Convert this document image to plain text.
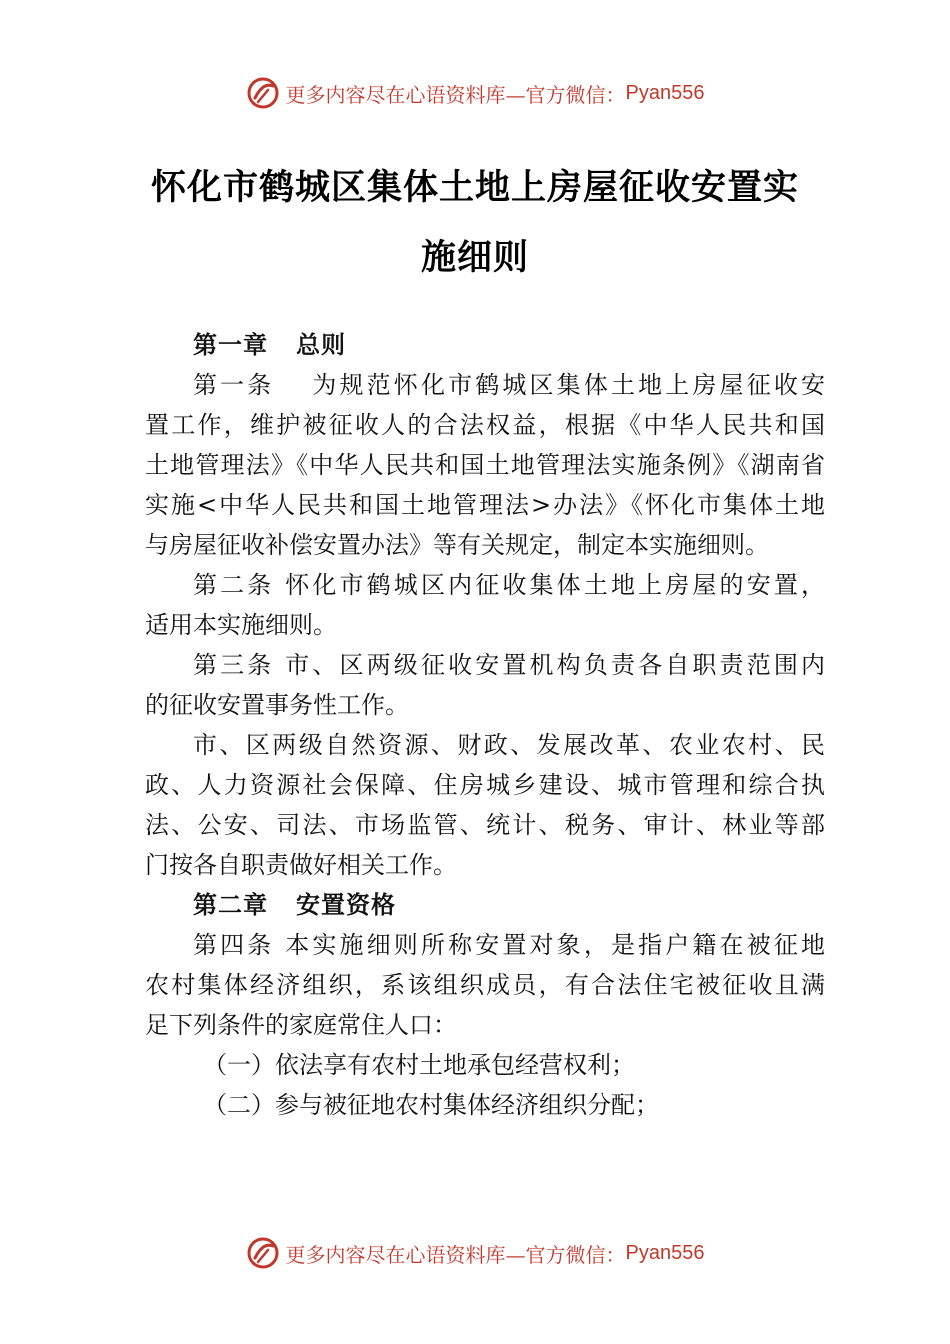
更多内容尽在心语资料库—官方微信： Pyan556
怀化市鹤城区集体土地上房屋征收安置实
施细则
第一章 总则
第一条　 为规范怀化市鹤城区集体土地上房屋征收安
置工作，维护被征收人的合法权益，根据《中华人民共和国
土地管理法》《中华人民共和国土地管理法实施条例》《湖南省
实施<中华人民共和国土地管理法>办法》《怀化市集体土地
与房屋征收补偿安置办法》等有关规定，制定本实施细则。
第二条 怀化市鹤城区内征收集体土地上房屋的安置，
适用本实施细则。
第三条 市、区两级征收安置机构负责各自职责范围内
的征收安置事务性工作。
市、区两级自然资源、财政、发展改革、农业农村、民
政、人力资源社会保障、住房城乡建设、城市管理和综合执
法、公安、司法、市场监管、统计、税务、审计、林业等部
门按各自职责做好相关工作。
第二章 安置资格
第四条 本实施细则所称安置对象，是指户籍在被征地
农村集体经济组织，系该组织成员，有合法住宅被征收且满
足下列条件的家庭常住人口：
（一）依法享有农村土地承包经营权利；
（二）参与被征地农村集体经济组织分配；
更多内容尽在心语资料库—官方微信： Pyan556
